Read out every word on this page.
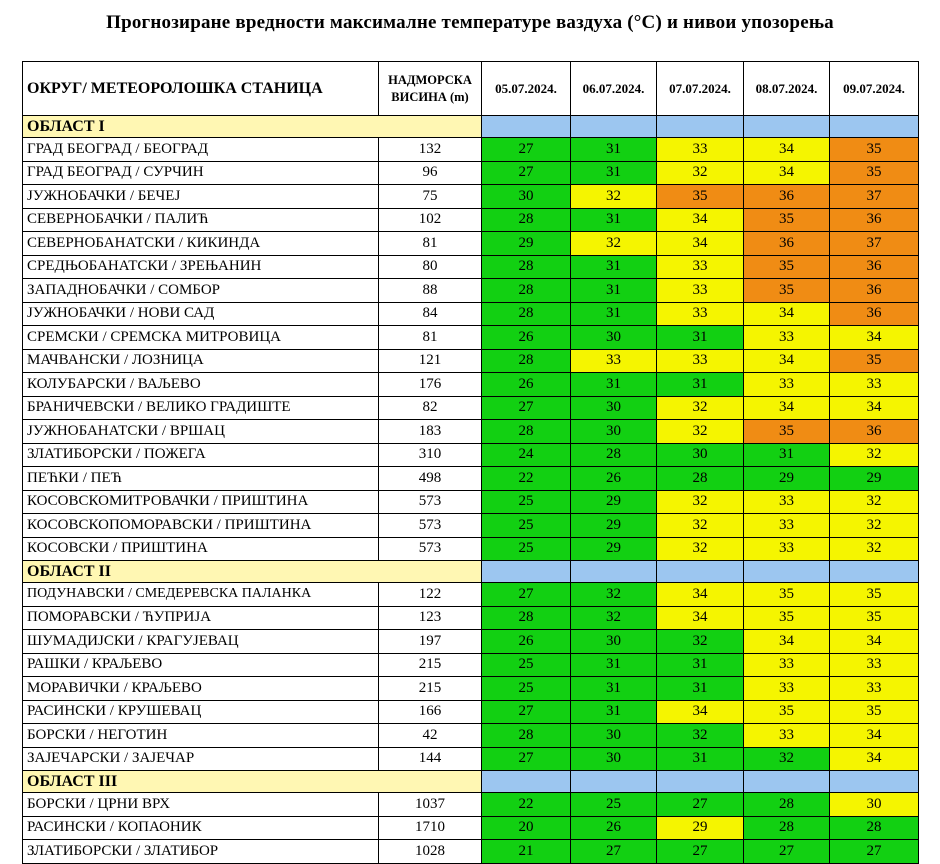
Прогнозиране вредности максималне температуре ваздуха (°C) и нивои упозорења
ОКРУГ/ МЕТЕОРОЛОШКА СТАНИЦА	НАДМОРСКА
ВИСИНА (m)	05.07.2024.	06.07.2024.	07.07.2024.	08.07.2024.	09.07.2024.
ОБЛАСТ I						
ГРАД БЕОГРАД / БЕОГРАД	132	27	31	33	34	35
ГРАД БЕОГРАД / СУРЧИН	96	27	31	32	34	35
ЈУЖНОБАЧКИ / БЕЧЕЈ	75	30	32	35	36	37
СЕВЕРНОБАЧКИ / ПАЛИЋ	102	28	31	34	35	36
СЕВЕРНОБАНАТСКИ / КИКИНДА	81	29	32	34	36	37
СРЕДЊОБАНАТСКИ / ЗРЕЊАНИН	80	28	31	33	35	36
ЗАПАДНОБАЧКИ / СОМБОР	88	28	31	33	35	36
ЈУЖНОБАЧКИ / НОВИ САД	84	28	31	33	34	36
СРЕМСКИ / СРЕМСКА МИТРОВИЦА	81	26	30	31	33	34
МАЧВАНСКИ / ЛОЗНИЦА	121	28	33	33	34	35
КОЛУБАРСКИ / ВАЉЕВО	176	26	31	31	33	33
БРАНИЧЕВСКИ / ВЕЛИКО ГРАДИШТЕ	82	27	30	32	34	34
ЈУЖНОБАНАТСКИ / ВРШАЦ	183	28	30	32	35	36
ЗЛАТИБОРСКИ / ПОЖЕГА	310	24	28	30	31	32
ПЕЋКИ / ПЕЋ	498	22	26	28	29	29
КОСОВСКОМИТРОВАЧКИ / ПРИШТИНА	573	25	29	32	33	32
КОСОВСКОПОМОРАВСКИ / ПРИШТИНА	573	25	29	32	33	32
КОСОВСКИ / ПРИШТИНА	573	25	29	32	33	32
ОБЛАСТ II						
ПОДУНАВСКИ / СМЕДЕРЕВСКА ПАЛАНКА	122	27	32	34	35	35
ПОМОРАВСКИ / ЋУПРИЈА	123	28	32	34	35	35
ШУМАДИЈСКИ / КРАГУЈЕВАЦ	197	26	30	32	34	34
РАШКИ / КРАЉЕВО	215	25	31	31	33	33
МОРАВИЧКИ / КРАЉЕВО	215	25	31	31	33	33
РАСИНСКИ / КРУШЕВАЦ	166	27	31	34	35	35
БОРСКИ / НЕГОТИН	42	28	30	32	33	34
ЗАЈЕЧАРСКИ / ЗАЈЕЧАР	144	27	30	31	32	34
ОБЛАСТ III						
БОРСКИ / ЦРНИ ВРХ	1037	22	25	27	28	30
РАСИНСКИ / КОПАОНИК	1710	20	26	29	28	28
ЗЛАТИБОРСКИ / ЗЛАТИБОР	1028	21	27	27	27	27
